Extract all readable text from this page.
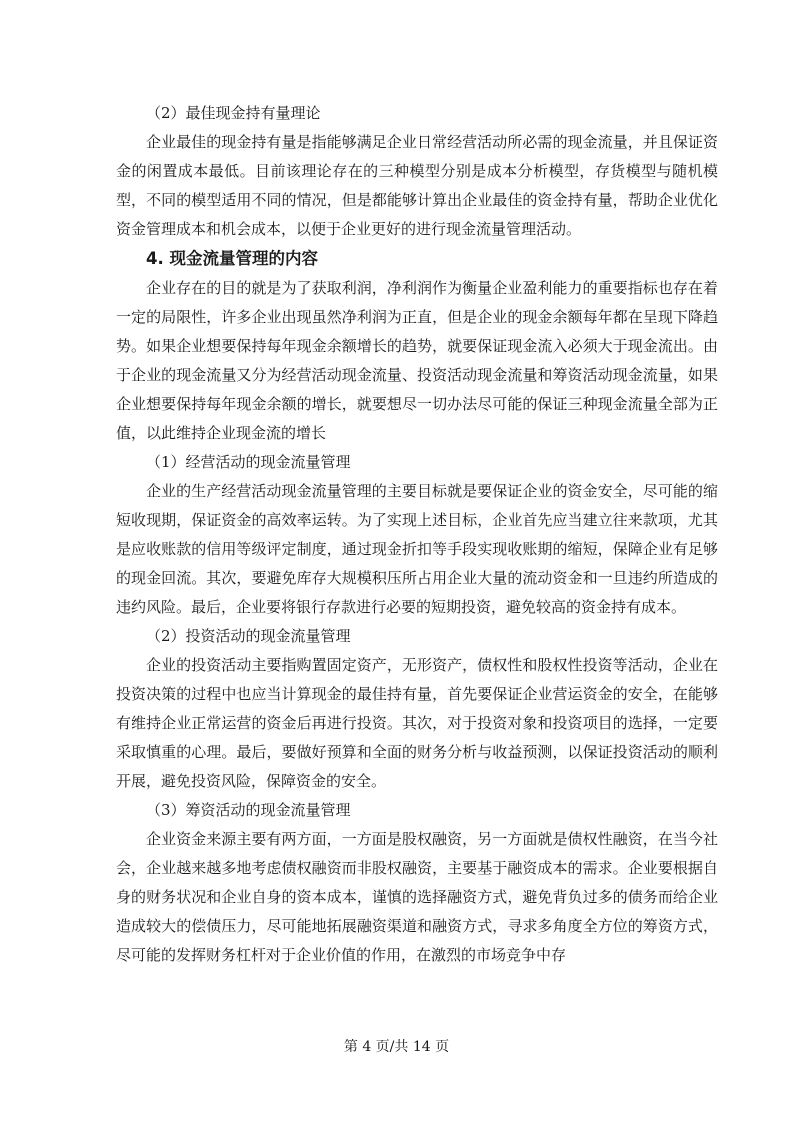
（2）最佳现金持有量理论

企业最佳的现金持有量是指能够满足企业日常经营活动所必需的现金流量，并且保证资金的闲置成本最低。目前该理论存在的三种模型分别是成本分析模型，存货模型与随机模型，不同的模型适用不同的情况，但是都能够计算出企业最佳的资金持有量，帮助企业优化资金管理成本和机会成本，以便于企业更好的进行现金流量管理活动。

4. 现金流量管理的内容

企业存在的目的就是为了获取利润，净利润作为衡量企业盈利能力的重要指标也存在着一定的局限性，许多企业出现虽然净利润为正直，但是企业的现金余额每年都在呈现下降趋势。如果企业想要保持每年现金余额增长的趋势，就要保证现金流入必须大于现金流出。由于企业的现金流量又分为经营活动现金流量、投资活动现金流量和筹资活动现金流量，如果企业想要保持每年现金余额的增长，就要想尽一切办法尽可能的保证三种现金流量全部为正值，以此维持企业现金流的增长

（1）经营活动的现金流量管理

企业的生产经营活动现金流量管理的主要目标就是要保证企业的资金安全，尽可能的缩短收现期，保证资金的高效率运转。为了实现上述目标，企业首先应当建立往来款项，尤其是应收账款的信用等级评定制度，通过现金折扣等手段实现收账期的缩短，保障企业有足够的现金回流。其次，要避免库存大规模积压所占用企业大量的流动资金和一旦违约所造成的违约风险。最后，企业要将银行存款进行必要的短期投资，避免较高的资金持有成本。

（2）投资活动的现金流量管理

企业的投资活动主要指购置固定资产，无形资产，债权性和股权性投资等活动，企业在投资决策的过程中也应当计算现金的最佳持有量，首先要保证企业营运资金的安全，在能够有维持企业正常运营的资金后再进行投资。其次，对于投资对象和投资项目的选择，一定要采取慎重的心理。最后，要做好预算和全面的财务分析与收益预测，以保证投资活动的顺利开展，避免投资风险，保障资金的安全。

（3）筹资活动的现金流量管理

企业资金来源主要有两方面，一方面是股权融资，另一方面就是债权性融资，在当今社会，企业越来越多地考虑债权融资而非股权融资，主要基于融资成本的需求。企业要根据自身的财务状况和企业自身的资本成本，谨慎的选择融资方式，避免背负过多的债务而给企业造成较大的偿债压力，尽可能地拓展融资渠道和融资方式，寻求多角度全方位的筹资方式，尽可能的发挥财务杠杆对于企业价值的作用，在激烈的市场竞争中存

第 4 页/共 14 页
